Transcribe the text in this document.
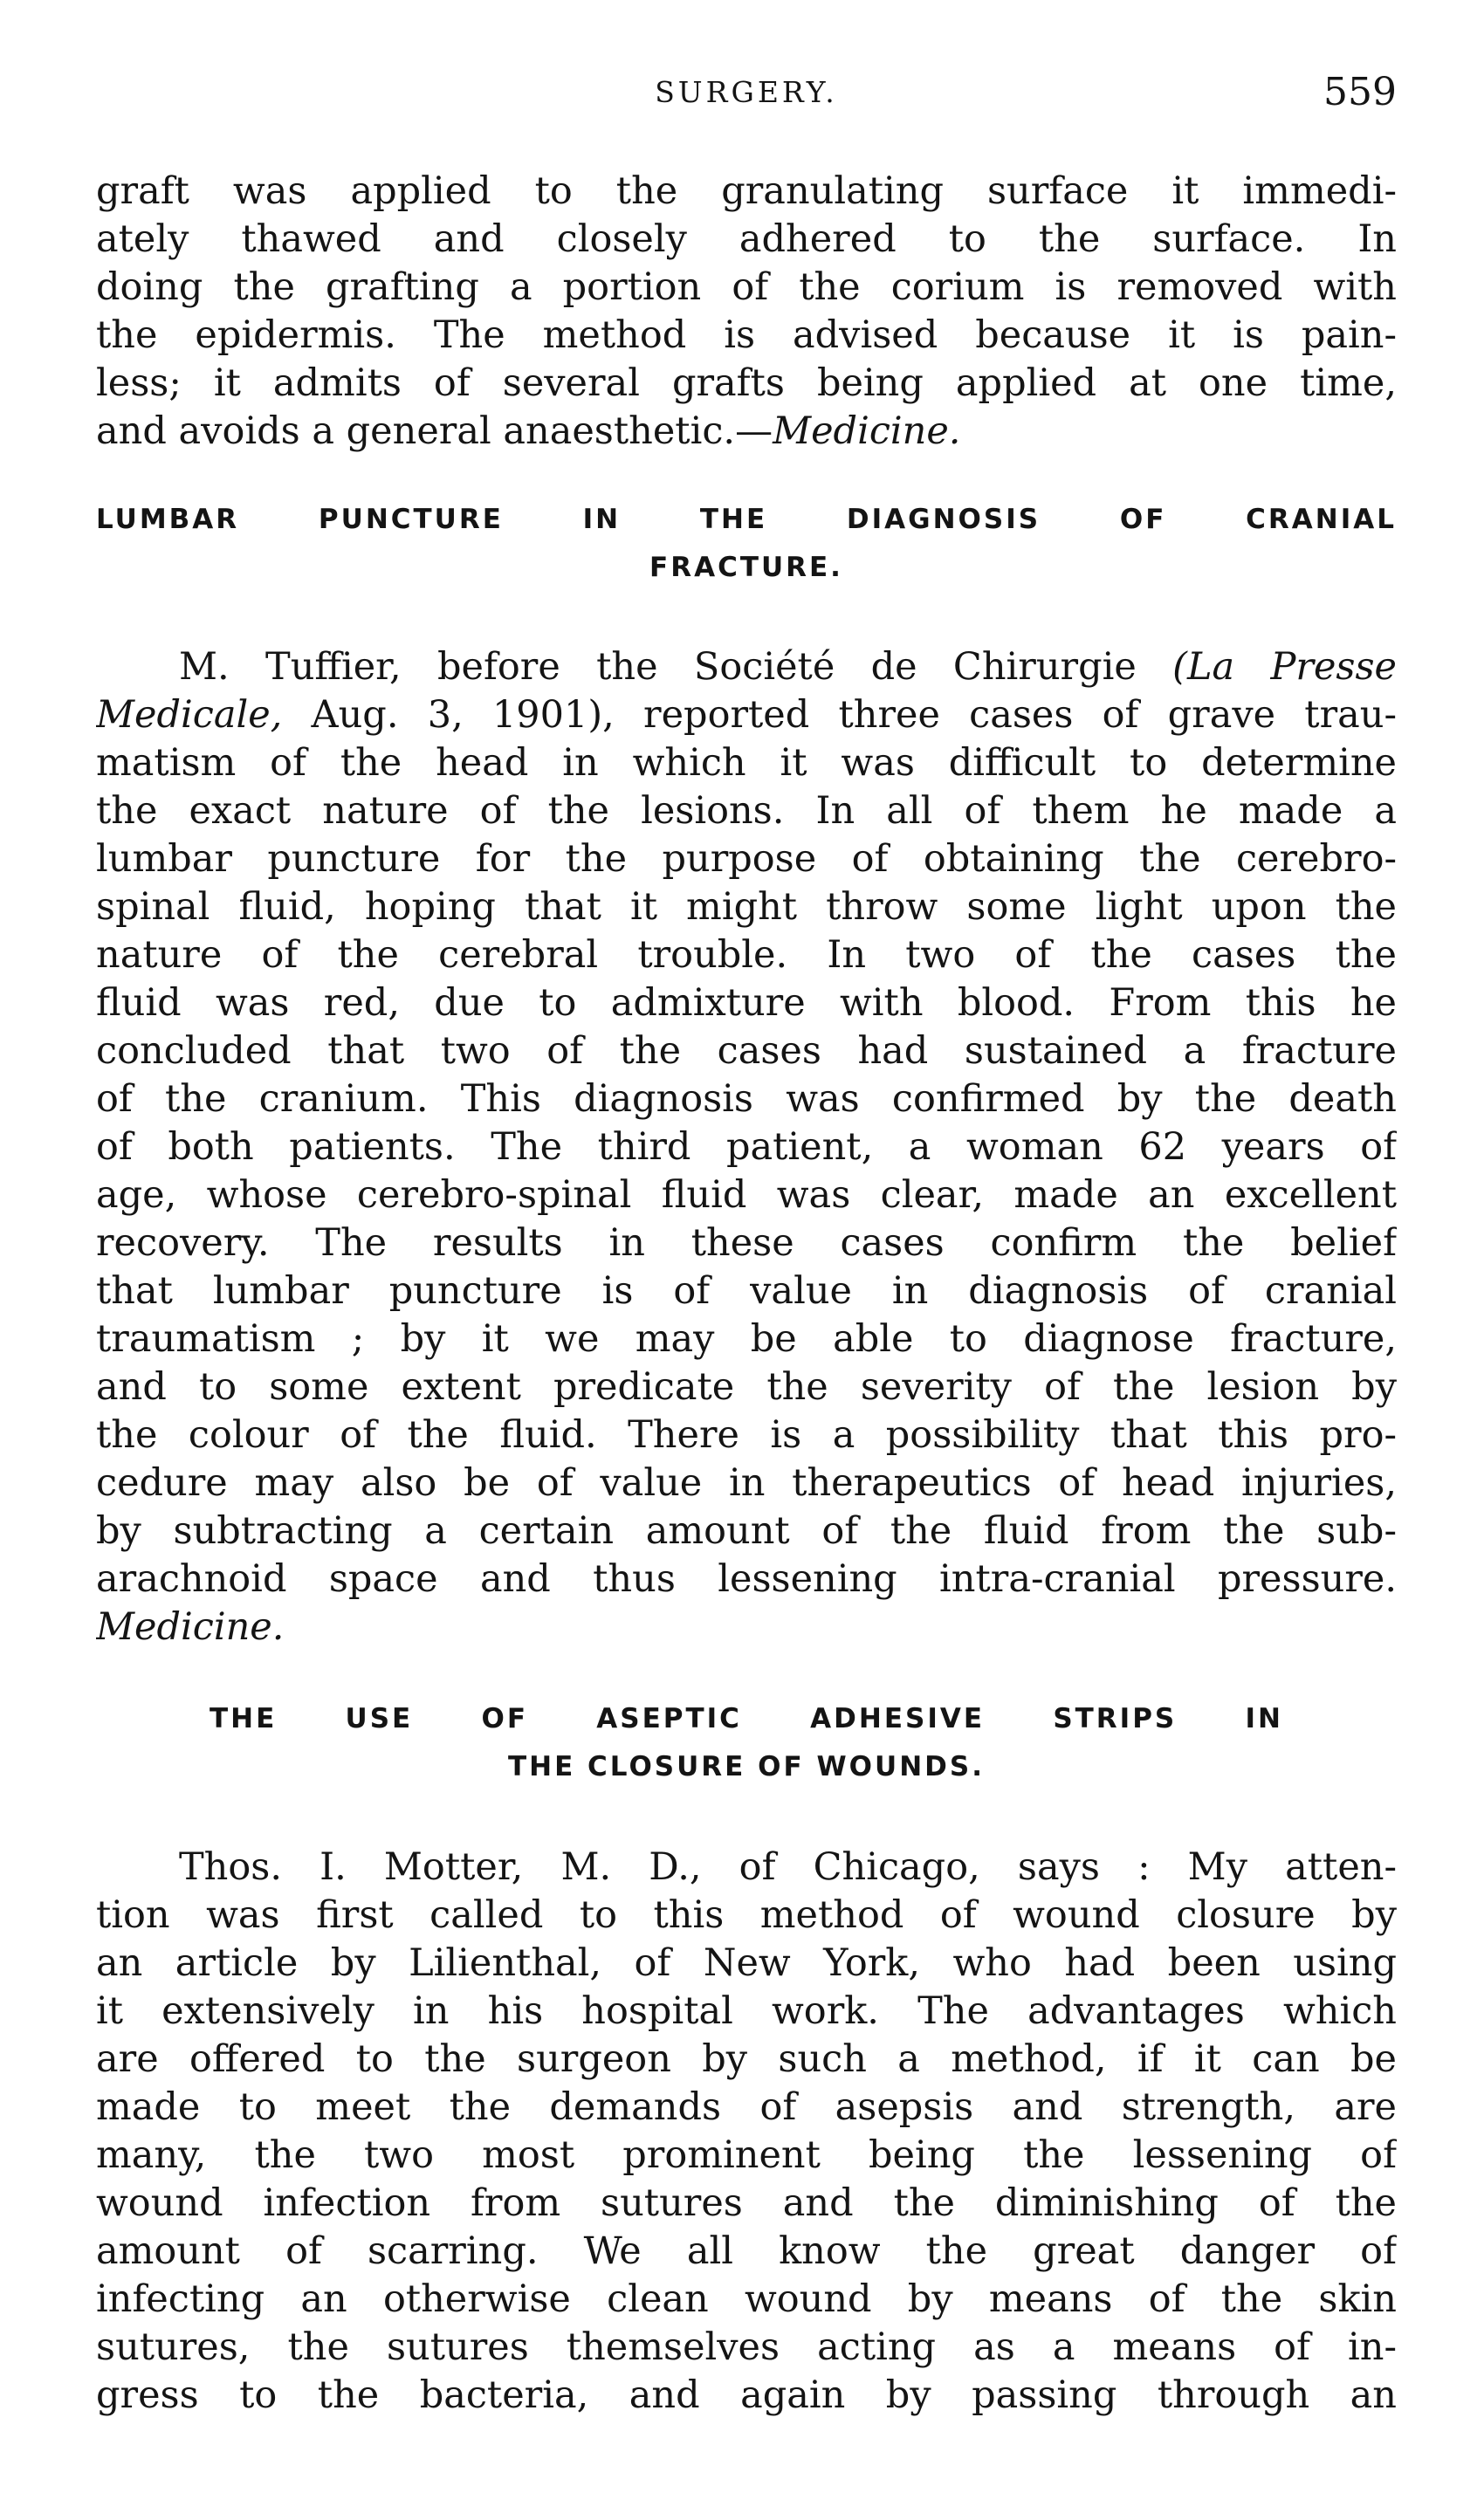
SURGERY.	559
graft was applied to the granulating surface it immedi-
ately thawed and closely adhered to the surface. In
doing the grafting a portion of the corium is removed with
the epidermis. The method is advised because it is pain-
less; it admits of several grafts being applied at one time,
and avoids a general anaesthetic.—Medicine.
LUMBAR PUNCTURE IN THE DIAGNOSIS OF CRANIAL
FRACTURE.
M. Tuffier, before the Société de Chirurgie (La Presse
Medicale, Aug. 3, 1901), reported three cases of grave trau-
matism of the head in which it was difficult to determine
the exact nature of the lesions. In all of them he made a
lumbar puncture for the purpose of obtaining the cerebro-
spinal fluid, hoping that it might throw some light upon the
nature of the cerebral trouble. In two of the cases the
fluid was red, due to admixture with blood. From this he
concluded that two of the cases had sustained a fracture
of the cranium. This diagnosis was confirmed by the death
of both patients. The third patient, a woman 62 years of
age, whose cerebro-spinal fluid was clear, made an excellent
recovery. The results in these cases confirm the belief
that lumbar puncture is of value in diagnosis of cranial
traumatism ; by it we may be able to diagnose fracture,
and to some extent predicate the severity of the lesion by
the colour of the fluid. There is a possibility that this pro-
cedure may also be of value in therapeutics of head injuries,
by subtracting a certain amount of the fluid from the sub-
arachnoid space and thus lessening intra-cranial pressure.
Medicine.
THE USE OF ASEPTIC ADHESIVE STRIPS IN
THE CLOSURE OF WOUNDS.
Thos. I. Motter, M. D., of Chicago, says : My atten-
tion was first called to this method of wound closure by
an article by Lilienthal, of New York, who had been using
it extensively in his hospital work. The advantages which
are offered to the surgeon by such a method, if it can be
made to meet the demands of asepsis and strength, are
many, the two most prominent being the lessening of
wound infection from sutures and the diminishing of the
amount of scarring. We all know the great danger of
infecting an otherwise clean wound by means of the skin
sutures, the sutures themselves acting as a means of in-
gress to the bacteria, and again by passing through an
